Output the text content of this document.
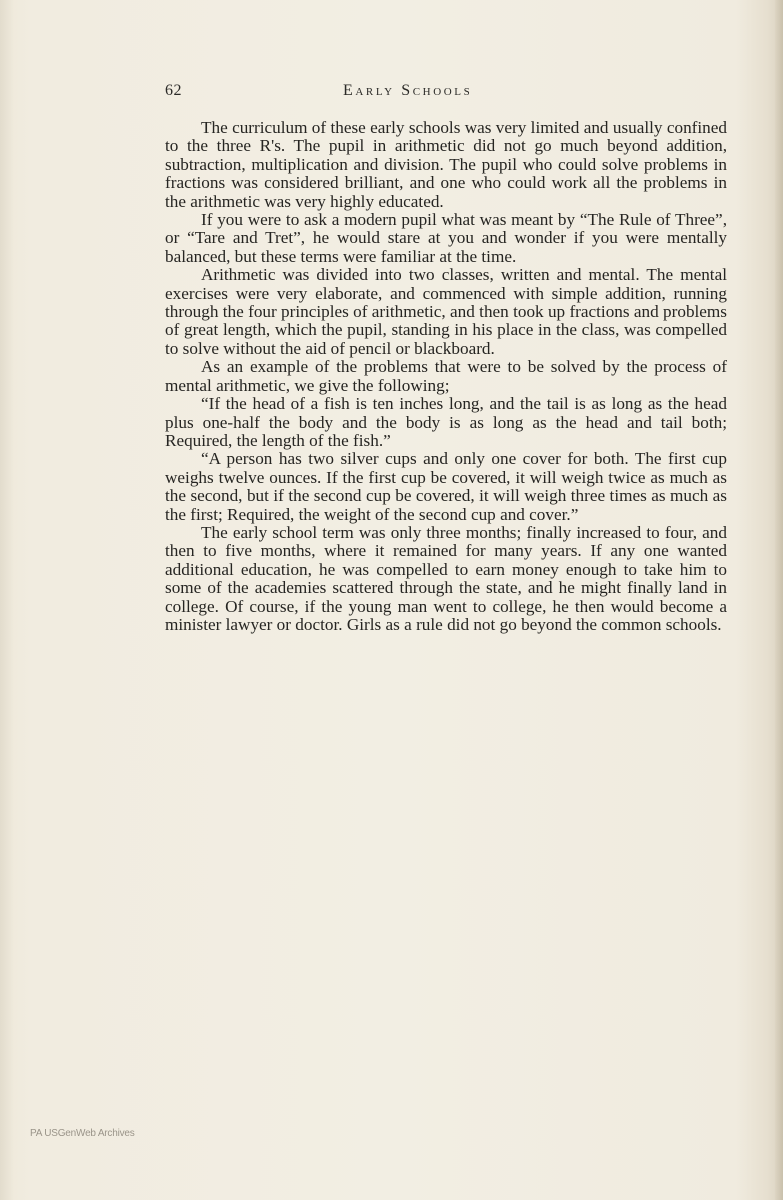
62	Early Schools

The curriculum of these early schools was very limited and usually confined to the three R's. The pupil in arithmetic did not go much beyond addition, subtraction, multiplication and division. The pupil who could solve problems in fractions was considered brilliant, and one who could work all the problems in the arithmetic was very highly educated.

If you were to ask a modern pupil what was meant by “The Rule of Three”, or “Tare and Tret”, he would stare at you and wonder if you were mentally balanced, but these terms were familiar at the time.

Arithmetic was divided into two classes, written and mental. The mental exercises were very elaborate, and commenced with simple addition, running through the four principles of arithmetic, and then took up fractions and problems of great length, which the pupil, standing in his place in the class, was compelled to solve without the aid of pencil or blackboard.

As an example of the problems that were to be solved by the process of mental arithmetic, we give the following;

“If the head of a fish is ten inches long, and the tail is as long as the head plus one-half the body and the body is as long as the head and tail both; Required, the length of the fish.”

“A person has two silver cups and only one cover for both. The first cup weighs twelve ounces. If the first cup be covered, it will weigh twice as much as the second, but if the second cup be covered, it will weigh three times as much as the first; Required, the weight of the second cup and cover.”

The early school term was only three months; finally increased to four, and then to five months, where it remained for many years. If any one wanted additional education, he was compelled to earn money enough to take him to some of the academies scattered through the state, and he might finally land in college. Of course, if the young man went to college, he then would become a minister lawyer or doctor. Girls as a rule did not go beyond the common schools.

PA USGenWeb Archives
